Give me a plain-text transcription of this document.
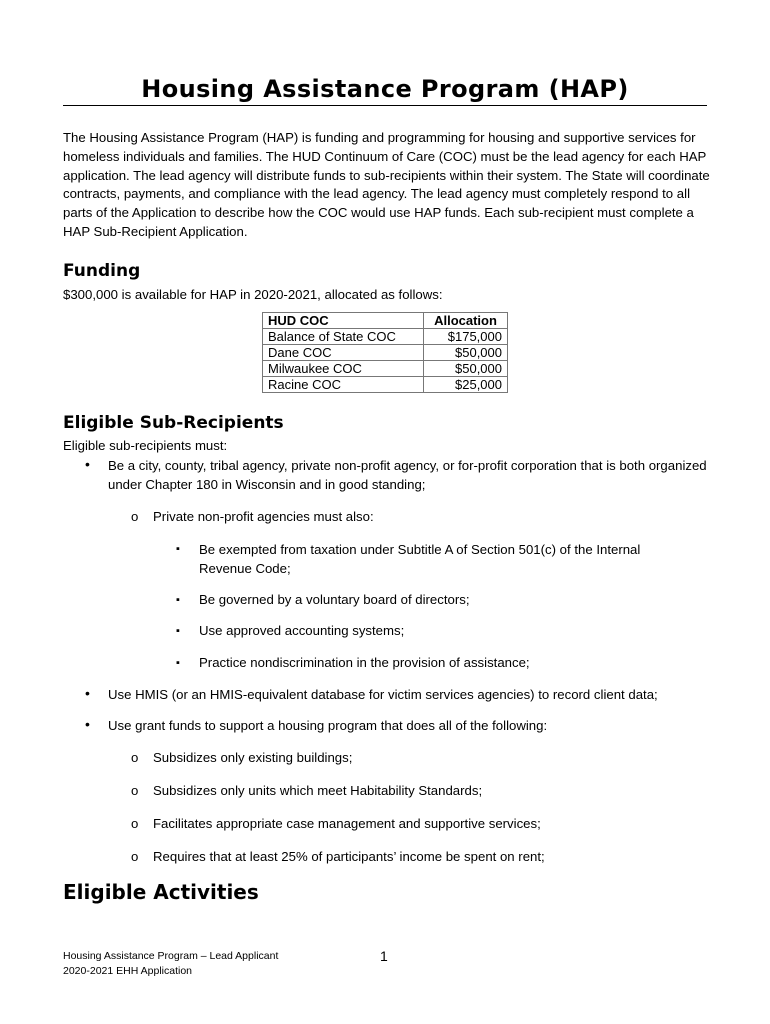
Housing Assistance Program (HAP)
The Housing Assistance Program (HAP) is funding and programming for housing and supportive services for homeless individuals and families. The HUD Continuum of Care (COC) must be the lead agency for each HAP application. The lead agency will distribute funds to sub-recipients within their system. The State will coordinate contracts, payments, and compliance with the lead agency. The lead agency must completely respond to all parts of the Application to describe how the COC would use HAP funds. Each sub-recipient must complete a HAP Sub-Recipient Application.
Funding
$300,000 is available for HAP in 2020-2021, allocated as follows:
HUD COC	Allocation
Balance of State COC	$175,000
Dane COC	$50,000
Milwaukee COC	$50,000
Racine COC	$25,000
Eligible Sub-Recipients
Eligible sub-recipients must:
• Be a city, county, tribal agency, private non-profit agency, or for-profit corporation that is both organized under Chapter 180 in Wisconsin and in good standing;
o Private non-profit agencies must also:
▪ Be exempted from taxation under Subtitle A of Section 501(c) of the Internal Revenue Code;
▪ Be governed by a voluntary board of directors;
▪ Use approved accounting systems;
▪ Practice nondiscrimination in the provision of assistance;
• Use HMIS (or an HMIS-equivalent database for victim services agencies) to record client data;
• Use grant funds to support a housing program that does all of the following:
o Subsidizes only existing buildings;
o Subsidizes only units which meet Habitability Standards;
o Facilitates appropriate case management and supportive services;
o Requires that at least 25% of participants’ income be spent on rent;
Eligible Activities
Housing Assistance Program – Lead Applicant
2020-2021 EHH Application
1
